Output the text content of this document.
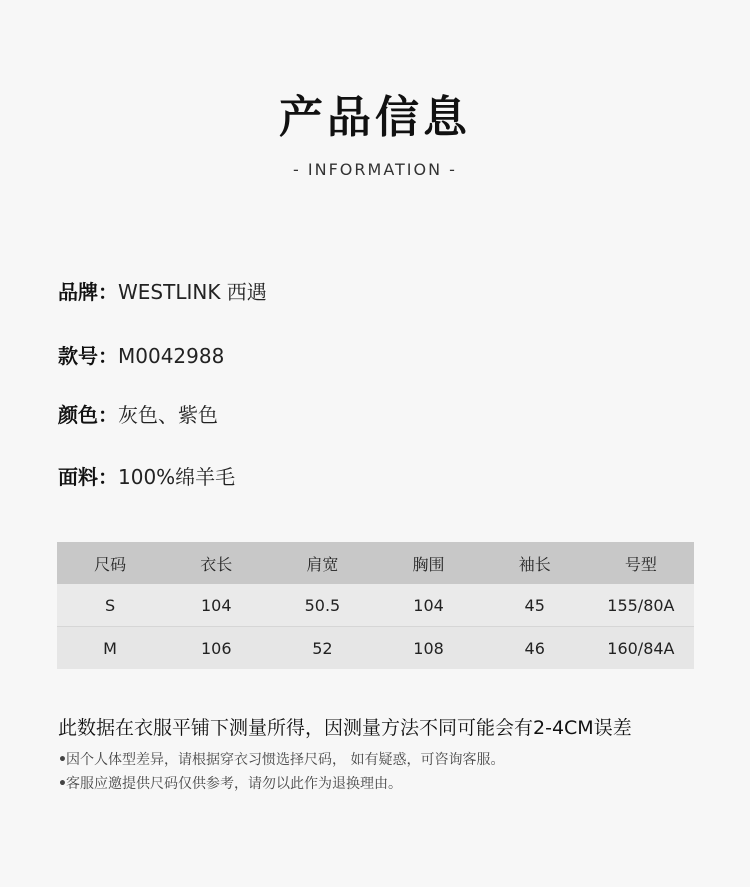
产品信息
- INFORMATION -
品牌：WESTLINK 西遇
款号：M0042988
颜色：灰色、紫色
面料：100%绵羊毛
尺码	衣长	肩宽	胸围	袖长	号型
S	104	50.5	104	45	155/80A
M	106	52	108	46	160/84A
此数据在衣服平铺下测量所得，因测量方法不同可能会有2-4CM误差
•因个人体型差异，请根据穿衣习惯选择尺码， 如有疑惑，可咨询客服。
•客服应邀提供尺码仅供参考，请勿以此作为退换理由。
